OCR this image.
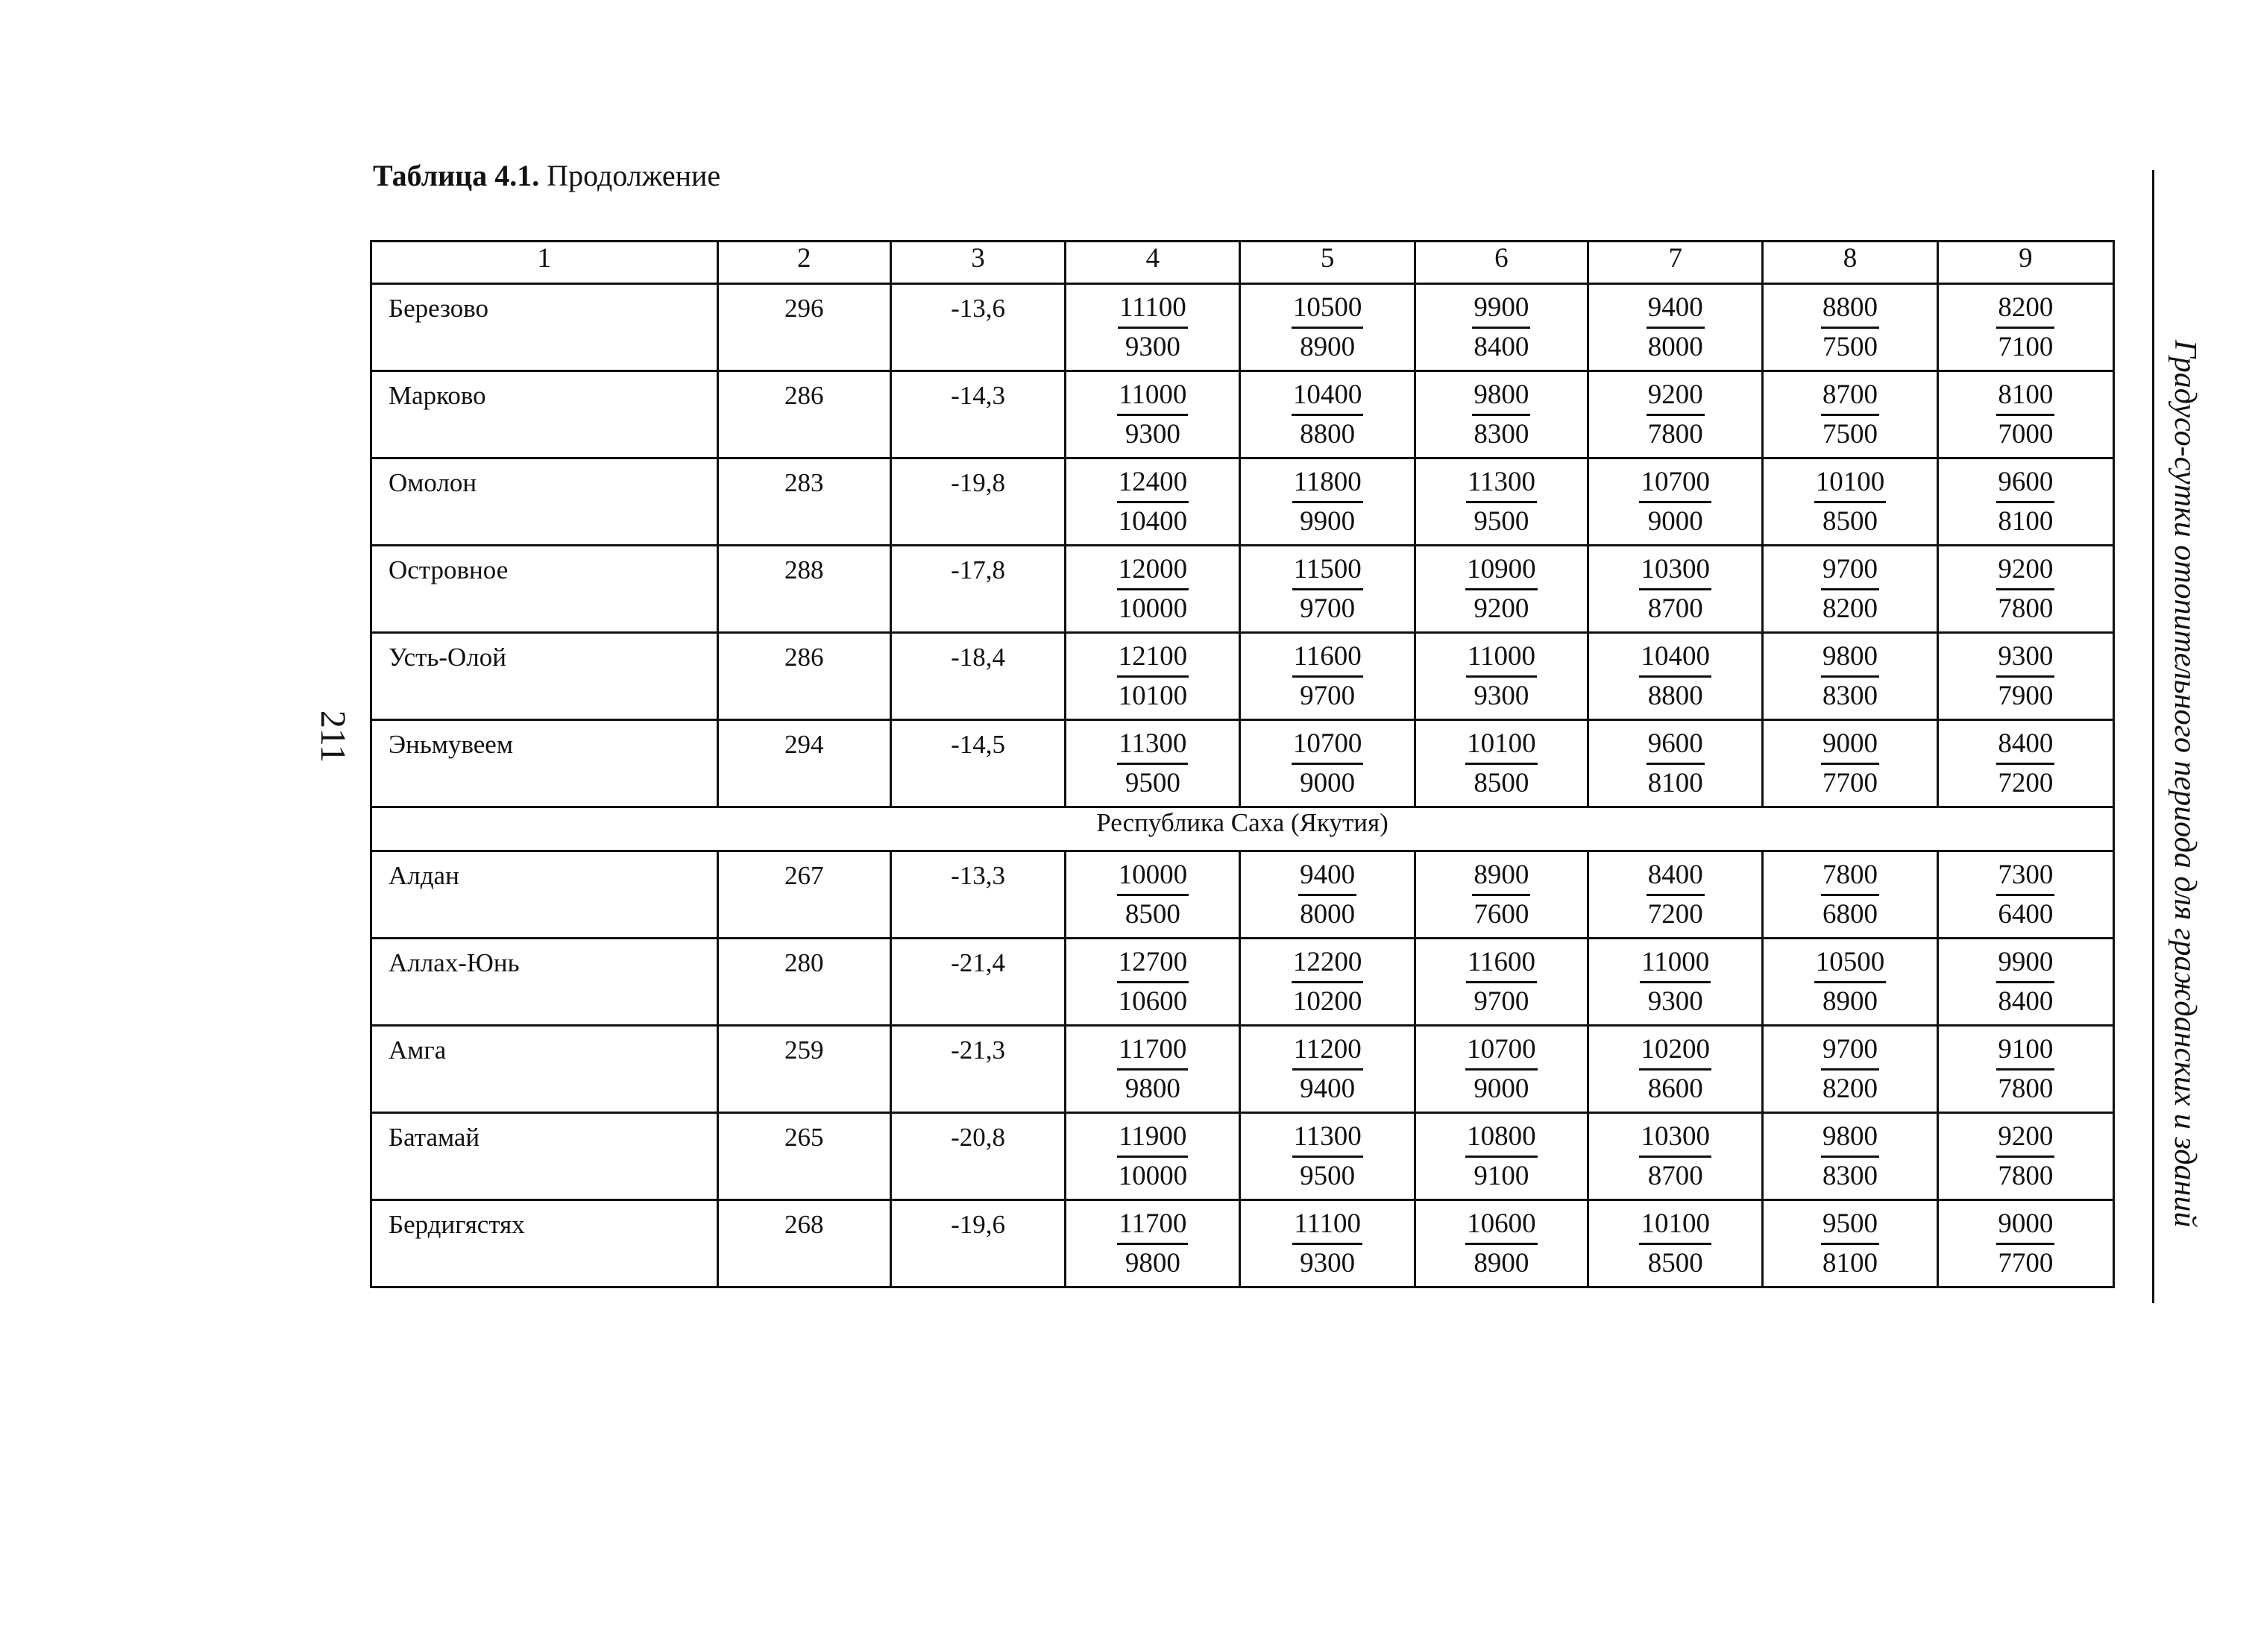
Таблица 4.1. Продолжение
211	Градусо-сутки отопительного периода для гражданских и зданий
1	2	3	4	5	6	7	8	9
Березово	296	-13,6	$\frac{11100}{9300}$	$\frac{10500}{8900}$	$\frac{9900}{8400}$	$\frac{9400}{8000}$	$\frac{8800}{7500}$	$\frac{8200}{7100}$

Марково	286	-14,3	$\frac{11000}{9300}$	$\frac{10400}{8800}$	$\frac{9800}{8300}$	$\frac{9200}{7800}$	$\frac{8700}{7500}$	$\frac{8100}{7000}$

Омолон	283	-19,8	$\frac{12400}{10400}$	$\frac{11800}{9900}$	$\frac{11300}{9500}$	$\frac{10700}{9000}$	$\frac{10100}{8500}$	$\frac{9600}{8100}$

Островное	288	-17,8	$\frac{12000}{10000}$	$\frac{11500}{9700}$	$\frac{10900}{9200}$	$\frac{10300}{8700}$	$\frac{9700}{8200}$	$\frac{9200}{7800}$

Усть-Олой	286	-18,4	$\frac{12100}{10100}$	$\frac{11600}{9700}$	$\frac{11000}{9300}$	$\frac{10400}{8800}$	$\frac{9800}{8300}$	$\frac{9300}{7900}$

Эньмувеем	294	-14,5	$\frac{11300}{9500}$	$\frac{10700}{9000}$	$\frac{10100}{8500}$	$\frac{9600}{8100}$	$\frac{9000}{7700}$	$\frac{8400}{7200}$

Республика Саха (Якутия)								
Алдан	267	-13,3	$\frac{10000}{8500}$	$\frac{9400}{8000}$	$\frac{8900}{7600}$	$\frac{8400}{7200}$	$\frac{7800}{6800}$	$\frac{7300}{6400}$

Аллах-Юнь	280	-21,4	$\frac{12700}{10600}$	$\frac{12200}{10200}$	$\frac{11600}{9700}$	$\frac{11000}{9300}$	$\frac{10500}{8900}$	$\frac{9900}{8400}$

Амга	259	-21,3	$\frac{11700}{9800}$	$\frac{11200}{9400}$	$\frac{10700}{9000}$	$\frac{10200}{8600}$	$\frac{9700}{8200}$	$\frac{9100}{7800}$

Батамай	265	-20,8	$\frac{11900}{10000}$	$\frac{11300}{9500}$	$\frac{10800}{9100}$	$\frac{10300}{8700}$	$\frac{9800}{8300}$	$\frac{9200}{7800}$

Бердигястях	268	-19,6	$\frac{11700}{9800}$	$\frac{11100}{9300}$	$\frac{10600}{8900}$	$\frac{10100}{8500}$	$\frac{9500}{8100}$	$\frac{9000}{7700}$
